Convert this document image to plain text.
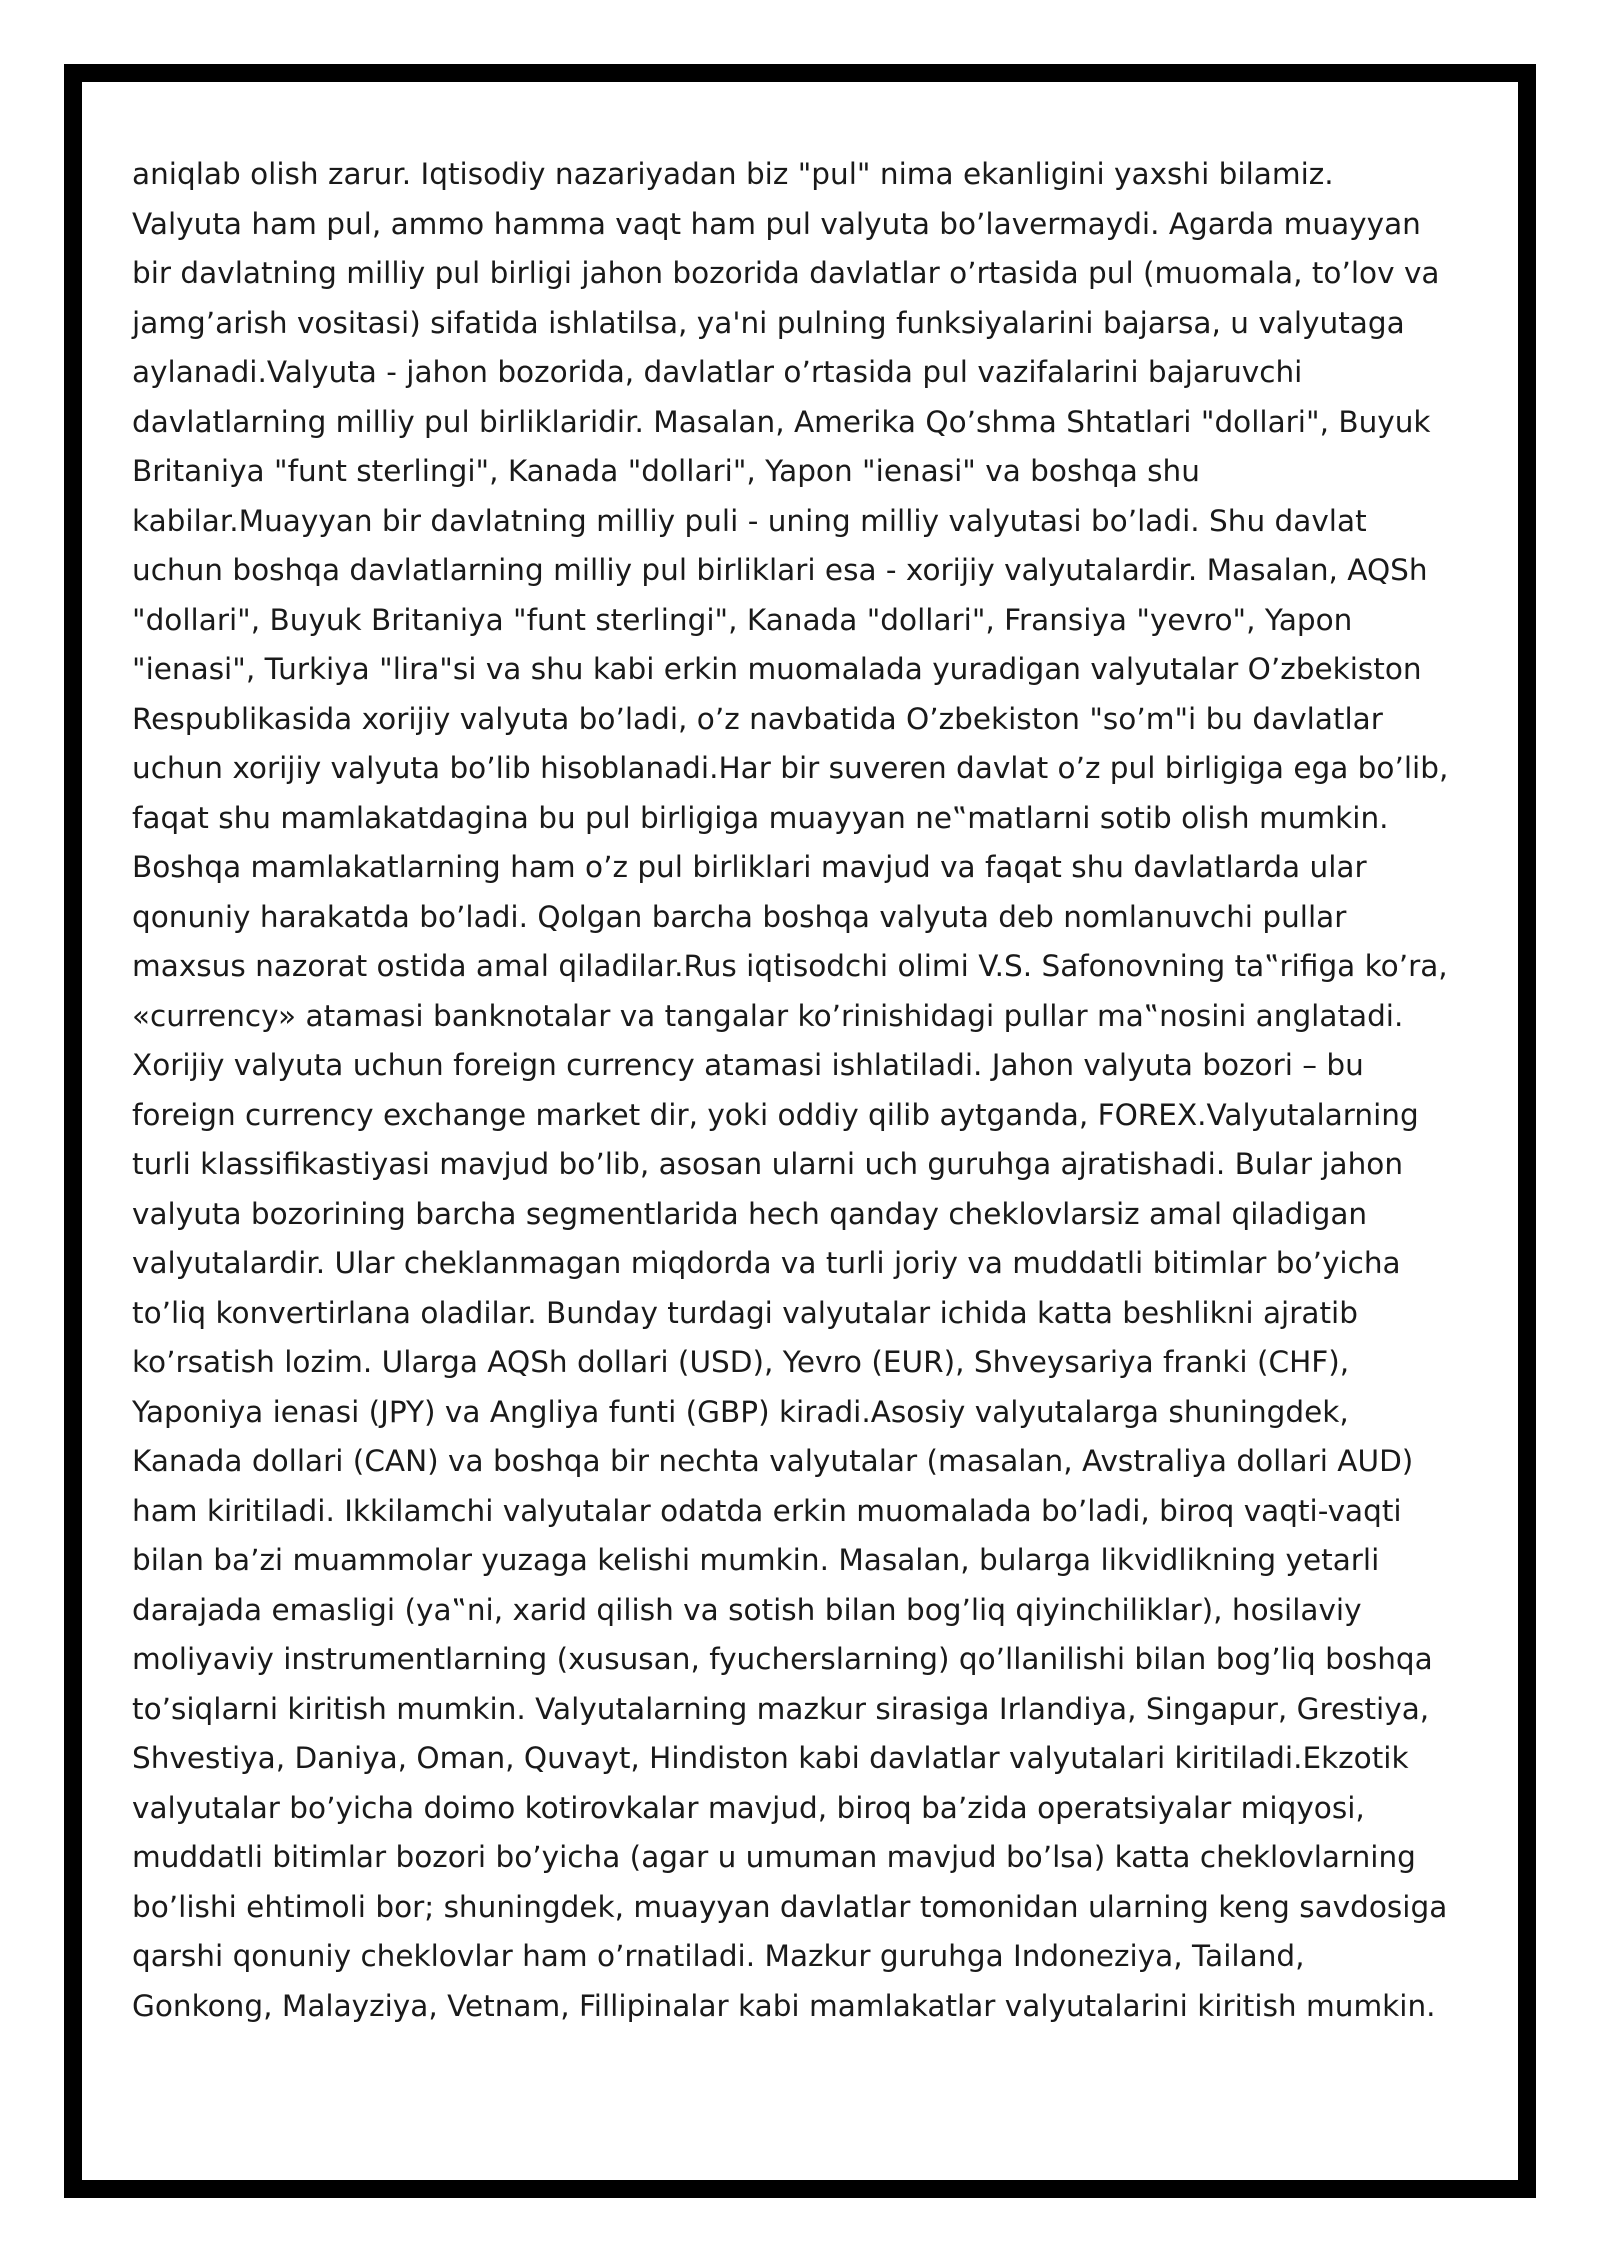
aniqlab olish zarur. Iqtisodiy nazariyadan biz "pul" nima ekanligini yaxshi bilamiz.
Valyuta ham pul, ammo hamma vaqt ham pul valyuta bo’lavermaydi. Agarda muayyan
bir davlatning milliy pul birligi jahon bozorida davlatlar o’rtasida pul (muomala, to’lov va
jamg’arish vositasi) sifatida ishlatilsa, ya'ni pulning funksiyalarini bajarsa, u valyutaga
aylanadi.Valyuta - jahon bozorida, davlatlar o’rtasida pul vazifalarini bajaruvchi
davlatlarning milliy pul birliklaridir. Masalan, Amerika Qo’shma Shtatlari "dollari", Buyuk
Britaniya "funt sterlingi", Kanada "dollari", Yapon "ienasi" va boshqa shu
kabilar.Muayyan bir davlatning milliy puli - uning milliy valyutasi bo’ladi. Shu davlat
uchun boshqa davlatlarning milliy pul birliklari esa - xorijiy valyutalardir. Masalan, AQSh
"dollari", Buyuk Britaniya "funt sterlingi", Kanada "dollari", Fransiya "yevro", Yapon
"ienasi", Turkiya "lira"si va shu kabi erkin muomalada yuradigan valyutalar O’zbekiston
Respublikasida xorijiy valyuta bo’ladi, o’z navbatida O’zbekiston "so’m"i bu davlatlar
uchun xorijiy valyuta bo’lib hisoblanadi.Har bir suveren davlat o’z pul birligiga ega bo’lib,
faqat shu mamlakatdagina bu pul birligiga muayyan ne‟matlarni sotib olish mumkin.
Boshqa mamlakatlarning ham o’z pul birliklari mavjud va faqat shu davlatlarda ular
qonuniy harakatda bo’ladi. Qolgan barcha boshqa valyuta deb nomlanuvchi pullar
maxsus nazorat ostida amal qiladilar.Rus iqtisodchi olimi V.S. Safonovning ta‟rifiga ko’ra,
«currency» atamasi banknotalar va tangalar ko’rinishidagi pullar ma‟nosini anglatadi.
Xorijiy valyuta uchun foreign currency atamasi ishlatiladi. Jahon valyuta bozori – bu
foreign currency exchange market dir, yoki oddiy qilib aytganda, FOREX.Valyutalarning
turli klassifikastiyasi mavjud bo’lib, asosan ularni uch guruhga ajratishadi. Bular jahon
valyuta bozorining barcha segmentlarida hech qanday cheklovlarsiz amal qiladigan
valyutalardir. Ular cheklanmagan miqdorda va turli joriy va muddatli bitimlar bo’yicha
to’liq konvertirlana oladilar. Bunday turdagi valyutalar ichida katta beshlikni ajratib
ko’rsatish lozim. Ularga AQSh dollari (USD), Yevro (EUR), Shveysariya franki (CHF),
Yaponiya ienasi (JPY) va Angliya funti (GBP) kiradi.Asosiy valyutalarga shuningdek,
Kanada dollari (CAN) va boshqa bir nechta valyutalar (masalan, Avstraliya dollari AUD)
ham kiritiladi. Ikkilamchi valyutalar odatda erkin muomalada bo’ladi, biroq vaqti-vaqti
bilan ba’zi muammolar yuzaga kelishi mumkin. Masalan, bularga likvidlikning yetarli
darajada emasligi (ya‟ni, xarid qilish va sotish bilan bog’liq qiyinchiliklar), hosilaviy
moliyaviy instrumentlarning (xususan, fyucherslarning) qo’llanilishi bilan bog’liq boshqa
to’siqlarni kiritish mumkin. Valyutalarning mazkur sirasiga Irlandiya, Singapur, Grestiya,
Shvestiya, Daniya, Oman, Quvayt, Hindiston kabi davlatlar valyutalari kiritiladi.Ekzotik
valyutalar bo’yicha doimo kotirovkalar mavjud, biroq ba’zida operatsiyalar miqyosi,
muddatli bitimlar bozori bo’yicha (agar u umuman mavjud bo’lsa) katta cheklovlarning
bo’lishi ehtimoli bor; shuningdek, muayyan davlatlar tomonidan ularning keng savdosiga
qarshi qonuniy cheklovlar ham o’rnatiladi. Mazkur guruhga Indoneziya, Tailand,
Gonkong, Malayziya, Vetnam, Fillipinalar kabi mamlakatlar valyutalarini kiritish mumkin.
